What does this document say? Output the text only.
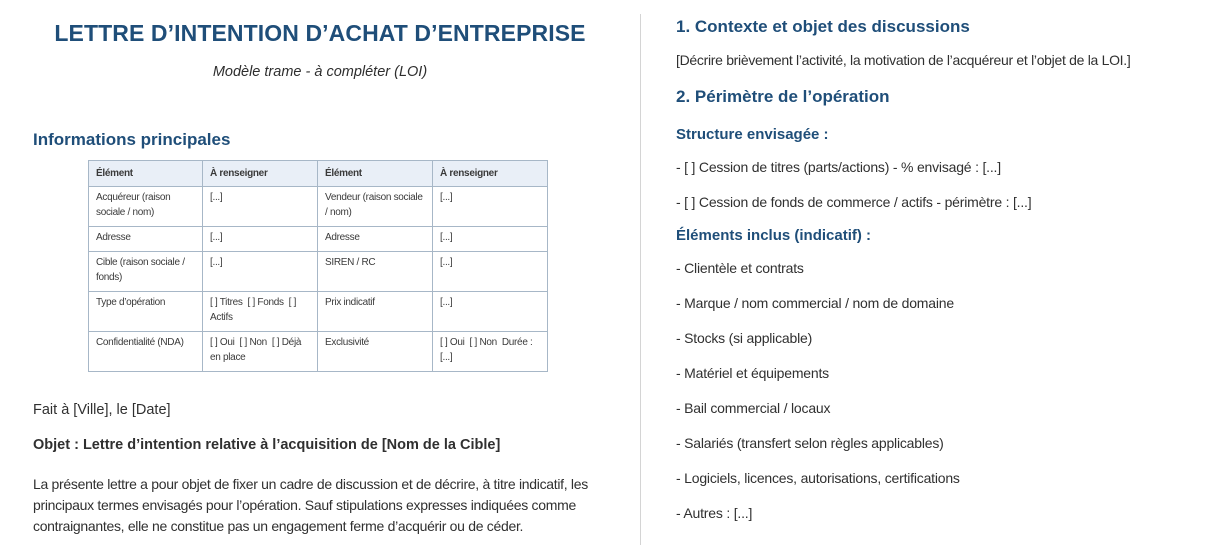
LETTRE D’INTENTION D’ACHAT D’ENTREPRISE
Modèle trame - à compléter (LOI)
Informations principales
Élément	À renseigner	Élément	À renseigner
Acquéreur (raison sociale / nom)	[...]	Vendeur (raison sociale / nom)	[...]
Adresse	[...]	Adresse	[...]
Cible (raison sociale / fonds)	[...]	SIREN / RC	[...]
Type d’opération	[ ] Titres  [ ] Fonds  [ ] Actifs	Prix indicatif	[...]
Confidentialité (NDA)	[ ] Oui  [ ] Non  [ ] Déjà en place	Exclusivité	[ ] Oui  [ ] Non  Durée : [...]
Fait à [Ville], le [Date]
Objet : Lettre d’intention relative à l’acquisition de [Nom de la Cible]
La présente lettre a pour objet de fixer un cadre de discussion et de décrire, à titre indicatif, les principaux termes envisagés pour l’opération. Sauf stipulations expresses indiquées comme contraignantes, elle ne constitue pas un engagement ferme d’acquérir ou de céder.
1. Contexte et objet des discussions
[Décrire brièvement l’activité, la motivation de l’acquéreur et l’objet de la LOI.]
2. Périmètre de l’opération
Structure envisagée :
- [ ] Cession de titres (parts/actions) - % envisagé : [...]
- [ ] Cession de fonds de commerce / actifs - périmètre : [...]
Éléments inclus (indicatif) :
- Clientèle et contrats
- Marque / nom commercial / nom de domaine
- Stocks (si applicable)
- Matériel et équipements
- Bail commercial / locaux
- Salariés (transfert selon règles applicables)
- Logiciels, licences, autorisations, certifications
- Autres : [...]
